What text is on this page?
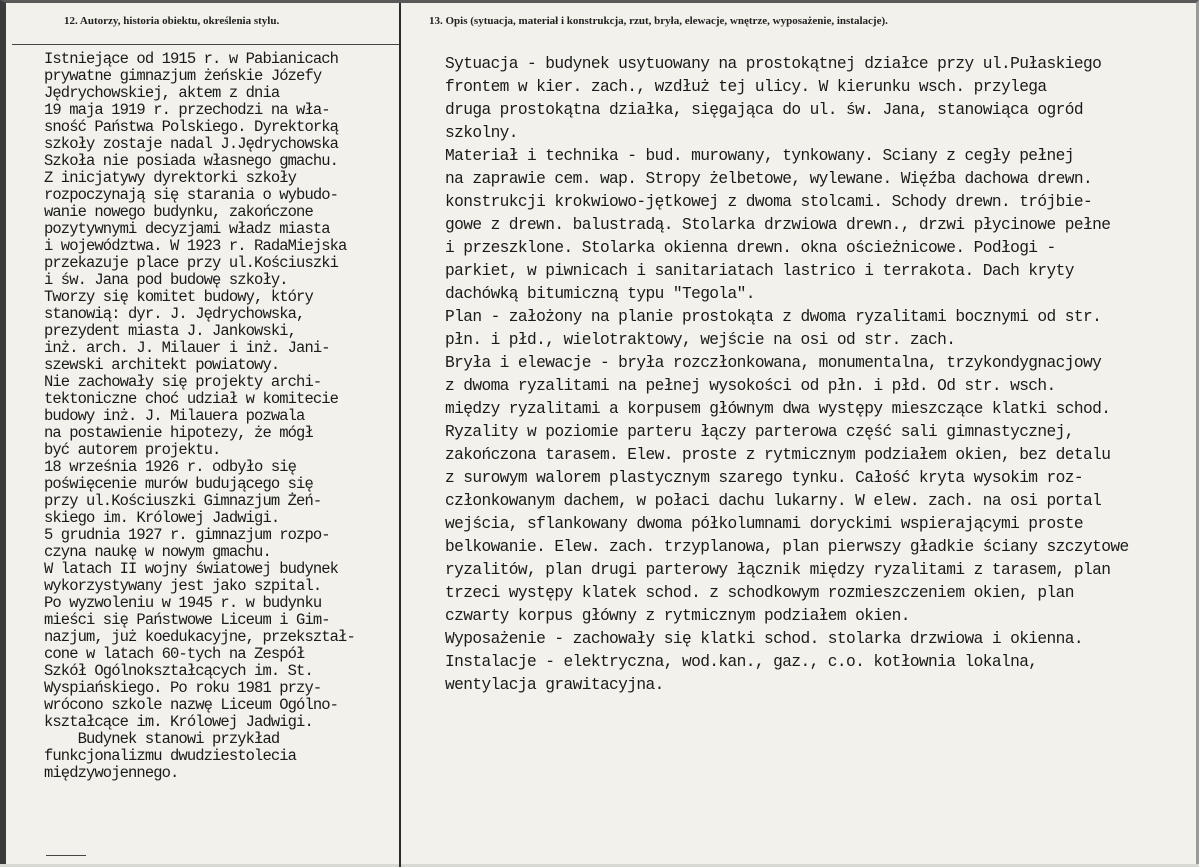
12. Autorzy, historia obiektu, określenia stylu.	13. Opis (sytuacja, materiał i konstrukcja, rzut, bryła, elewacje, wnętrze, wyposażenie, instalacje).
Istniejące od 1915 r. w Pabianicach
prywatne gimnazjum żeńskie Józefy
Jędrychowskiej, aktem z dnia
19 maja 1919 r. przechodzi na wła-
sność Państwa Polskiego. Dyrektorką
szkoły zostaje nadal J.Jędrychowska
Szkoła nie posiada własnego gmachu.
Z inicjatywy dyrektorki szkoły
rozpoczynają się starania o wybudo-
wanie nowego budynku, zakończone
pozytywnymi decyzjami władz miasta
i województwa. W 1923 r. RadaMiejska
przekazuje place przy ul.Kościuszki
i św. Jana pod budowę szkoły.
Tworzy się komitet budowy, który
stanowią: dyr. J. Jędrychowska,
prezydent miasta J. Jankowski,
inż. arch. J. Milauer i inż. Jani-
szewski architekt powiatowy.
Nie zachowały się projekty archi-
tektoniczne choć udział w komitecie
budowy inż. J. Milauera pozwala
na postawienie hipotezy, że mógł
być autorem projektu.
18 września 1926 r. odbyło się
poświęcenie murów budującego się
przy ul.Kościuszki Gimnazjum Żeń-
skiego im. Królowej Jadwigi.
5 grudnia 1927 r. gimnazjum rozpo-
czyna naukę w nowym gmachu.
W latach II wojny światowej budynek
wykorzystywany jest jako szpital.
Po wyzwoleniu w 1945 r. w budynku
mieści się Państwowe Liceum i Gim-
nazjum, już koedukacyjne, przekształ-
cone w latach 60-tych na Zespół
Szkół Ogólnokształcących im. St.
Wyspiańskiego. Po roku 1981 przy-
wrócono szkole nazwę Liceum Ogólno-
kształcące im. Królowej Jadwigi.
Budynek stanowi przykład
funkcjonalizmu dwudziestolecia
międzywojennego.
Sytuacja - budynek usytuowany na prostokątnej działce przy ul.Pułaskiego
frontem w kier. zach., wzdłuż tej ulicy. W kierunku wsch. przylega
druga prostokątna działka, sięgająca do ul. św. Jana, stanowiąca ogród
szkolny.
Materiał i technika - bud. murowany, tynkowany. Sciany z cegły pełnej
na zaprawie cem. wap. Stropy żelbetowe, wylewane. Więźba dachowa drewn.
konstrukcji krokwiowo-jętkowej z dwoma stolcami. Schody drewn. trójbie-
gowe z drewn. balustradą. Stolarka drzwiowa drewn., drzwi płycinowe pełne
i przeszklone. Stolarka okienna drewn. okna ościeżnicowe. Podłogi -
parkiet, w piwnicach i sanitariatach lastrico i terrakota. Dach kryty
dachówką bitumiczną typu "Tegola".
Plan - założony na planie prostokąta z dwoma ryzalitami bocznymi od str.
płn. i płd., wielotraktowy, wejście na osi od str. zach.
Bryła i elewacje - bryła rozczłonkowana, monumentalna, trzykondygnacjowy
z dwoma ryzalitami na pełnej wysokości od płn. i płd. Od str. wsch.
między ryzalitami a korpusem głównym dwa występy mieszczące klatki schod.
Ryzality w poziomie parteru łączy parterowa część sali gimnastycznej,
zakończona tarasem. Elew. proste z rytmicznym podziałem okien, bez detalu
z surowym walorem plastycznym szarego tynku. Całość kryta wysokim roz-
członkowanym dachem, w połaci dachu lukarny. W elew. zach. na osi portal
wejścia, sflankowany dwoma półkolumnami doryckimi wspierającymi proste
belkowanie. Elew. zach. trzyplanowa, plan pierwszy gładkie ściany szczytowe
ryzalitów, plan drugi parterowy łącznik między ryzalitami z tarasem, plan
trzeci występy klatek schod. z schodkowym rozmieszczeniem okien, plan
czwarty korpus główny z rytmicznym podziałem okien.
Wyposażenie - zachowały się klatki schod. stolarka drzwiowa i okienna.
Instalacje - elektryczna, wod.kan., gaz., c.o. kotłownia lokalna,
wentylacja grawitacyjna.
